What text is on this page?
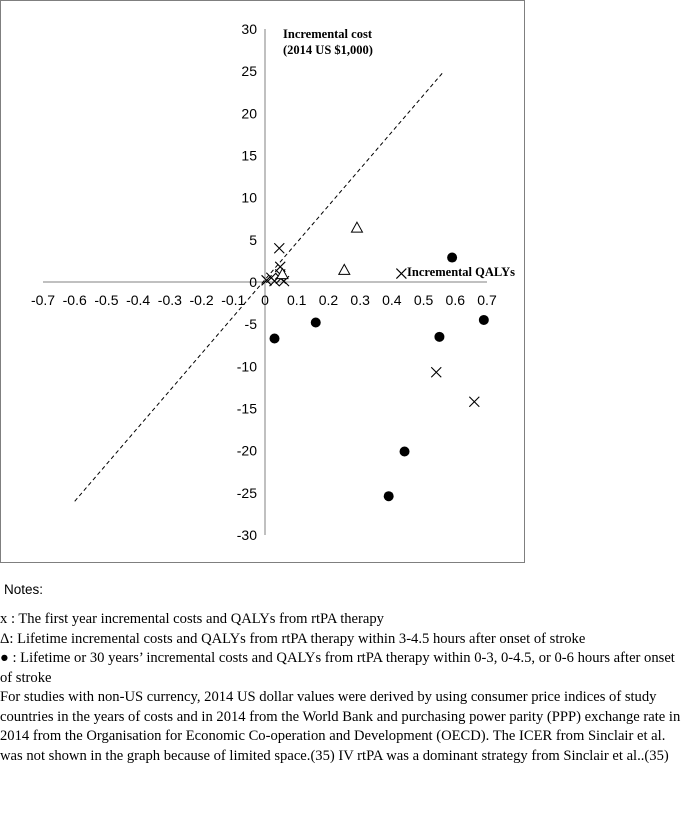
-0.7 -0.6 -0.5 -0.4 -0.3 -0.2 -0.1 0 0.1 0.2 0.3 0.4 0.5 0.6 0.7
30
25
20
15
10
5
0
-5
-10
-15
-20
-25
-30
Incremental cost
(2014 US $1,000)
Incremental QALYs

Notes:

x : The first year incremental costs and QALYs from rtPA therapy

Δ: Lifetime incremental costs and QALYs from rtPA therapy within 3-4.5 hours after onset of stroke

● : Lifetime or 30 years’ incremental costs and QALYs from rtPA therapy within 0-3, 0-4.5, or 0-6 hours after onset of stroke

For studies with non-US currency, 2014 US dollar values were derived by using consumer price indices of study countries in the years of costs and in 2014 from the World Bank and purchasing power parity (PPP) exchange rate in 2014 from the Organisation for Economic Co-operation and Development (OECD). The ICER from Sinclair et al. was not shown in the graph because of limited space.(35) IV rtPA was a dominant strategy from Sinclair et al..(35)
